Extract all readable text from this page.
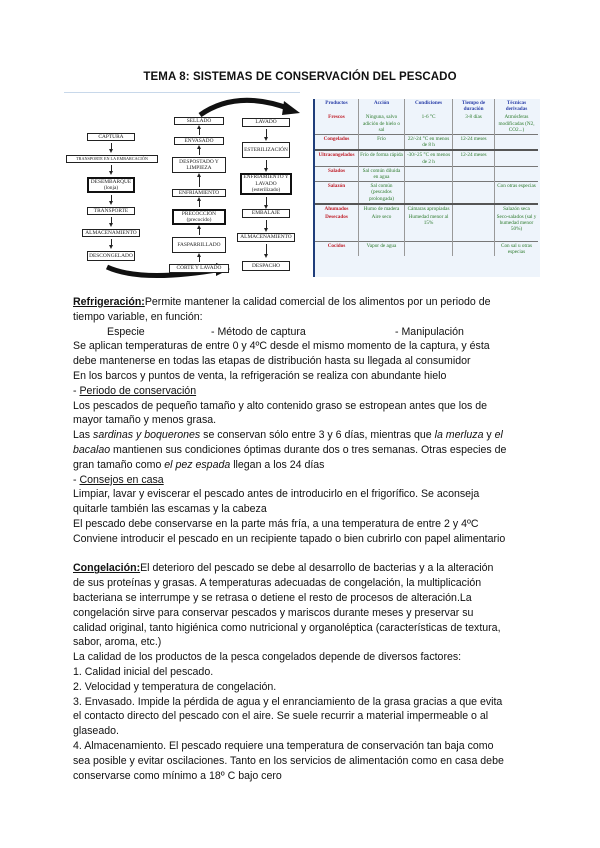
TEMA 8: SISTEMAS DE CONSERVACIÓN DEL PESCADO
CAPTURA
TRANSPORTE EN LA EMBARCACIÓN
DESEMBARQUE (lonja)
TRANSPORTE
ALMACENAMIENTO
DESCONGELADO
SELLADO
ENVASADO
DESPOSTADO Y LIMPIEZA
ENFRIAMIENTO
PRECOCCIÓN (precocido)
FASPARRILLADO
CORTE Y LAVADO
LAVADO
ESTERILIZACIÓN
ENFRIAMIENTO Y LAVADO (esterilizado)
EMBALAJE
ALMACENAMIENTO
DESPACHO
Productos	Acción	Condiciones	Tiempo de duración	Técnicas derivadas
Frescos	Ninguna, salvo adición de hielo o sal	1-6 °C	3-8 días	Atmósferas modificadas (N2, CO2...)
Congelados	Frío	22/-24 °C en menos de 8 h	12-24 meses	
Ultracongelados	Frío de forma rápida	-30/-25 °C en menos de 2 h	12-24 meses	
Salados	Sal común diluida en agua			
Salazón	Sal común (pescados prolongada)			Con otras especias
Ahumados	Humo de madera	Cámaras apropiadas		Salazón seca
Desecados	Aire seco	Humedad menor al 15%		Seco-salados (sal y humedad menor 50%)
Cocidos	Vapor de agua			Con sal u otras especias

Refrigeración:Permite mantener la calidad comercial de los alimentos por un periodo de

tiempo variable, en función:

Especie	- Método de captura	- Manipulación

Se aplican temperaturas de entre 0 y 4ºC desde el mismo momento de la captura, y ésta

debe mantenerse en todas las etapas de distribución hasta su llegada al consumidor

En los barcos y puntos de venta, la refrigeración se realiza con abundante hielo

- Periodo de conservación

Los pescados de pequeño tamaño y alto contenido graso se estropean antes que los de

mayor tamaño y menos grasa.

Las sardinas y boquerones se conservan sólo entre 3 y 6 días, mientras que la merluza y el

bacalao mantienen sus condiciones óptimas durante dos o tres semanas. Otras especies de

gran tamaño como el pez espada llegan a los 24 días

- Consejos en casa

Limpiar, lavar y eviscerar el pescado antes de introducirlo en el frigorífico. Se aconseja

quitarle también las escamas y la cabeza

El pescado debe conservarse en la parte más fría, a una temperatura de entre 2 y 4ºC

Conviene introducir el pescado en un recipiente tapado o bien cubrirlo con papel alimentario

Congelación:El deterioro del pescado se debe al desarrollo de bacterias y a la alteración

de sus proteínas y grasas. A temperaturas adecuadas de congelación, la multiplicación

bacteriana se interrumpe y se retrasa o detiene el resto de procesos de alteración.La

congelación sirve para conservar pescados y mariscos durante meses y preservar su

calidad original, tanto higiénica como nutricional y organoléptica (características de textura,

sabor, aroma, etc.)

La calidad de los productos de la pesca congelados depende de diversos factores:

1. Calidad inicial del pescado.

2. Velocidad y temperatura de congelación.

3. Envasado. Impide la pérdida de agua y el enranciamiento de la grasa gracias a que evita

el contacto directo del pescado con el aire. Se suele recurrir a material impermeable o al

glaseado.

4. Almacenamiento. El pescado requiere una temperatura de conservación tan baja como

sea posible y evitar oscilaciones. Tanto en los servicios de alimentación como en casa debe

conservarse como mínimo a 18º C bajo cero
